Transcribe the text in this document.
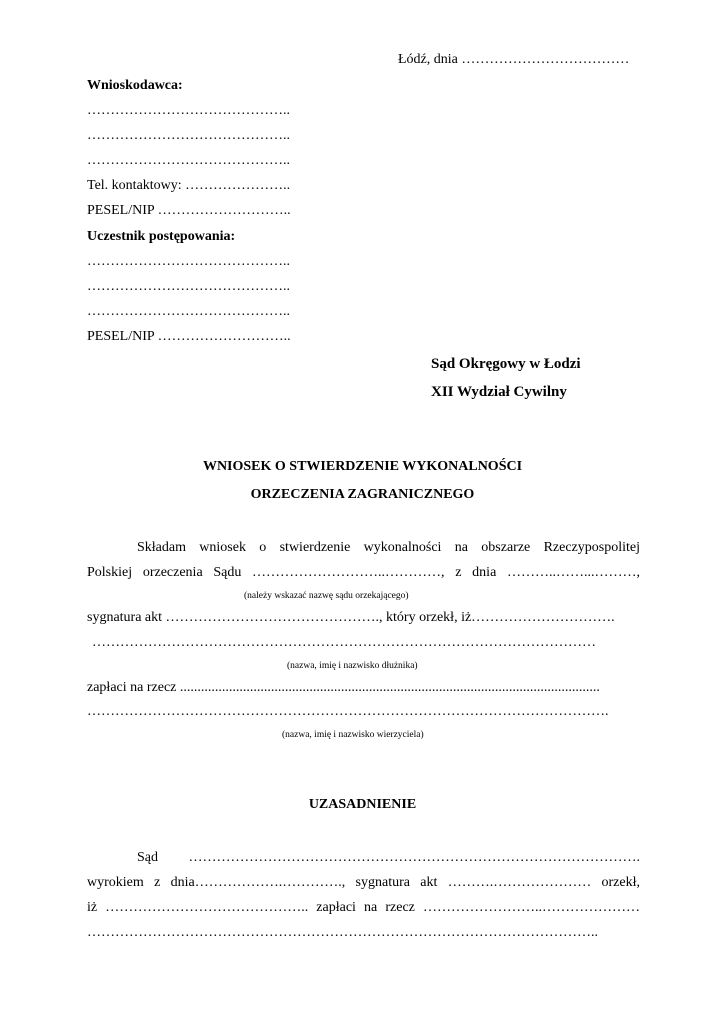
Łódź, dnia ………………………………
Wnioskodawca:
……………………………………..
……………………………………..
……………………………………..
Tel. kontaktowy: …………………..
PESEL/NIP ………………………..
Uczestnik postępowania:
……………………………………..
……………………………………..
……………………………………..
PESEL/NIP ………………………..
Sąd Okręgowy w Łodzi
XII Wydział Cywilny
WNIOSEK O STWIERDZENIE WYKONALNOŚCI
ORZECZENIA ZAGRANICZNEGO
Składam wniosek o stwierdzenie wykonalności na obszarze Rzeczypospolitej
Polskiej orzeczenia Sądu ………………………..…………, z dnia ………..……...………,
(należy wskazać nazwę sądu orzekającego)
sygnatura akt ………………………………………., który orzekł, iż………………………….
………………………………………………………………………………………………
(nazwa, imię i nazwisko dłużnika)
zapłaci na rzecz ........................................................................................................................
………………………………………………………………………………………………….
(nazwa, imię i nazwisko wierzyciela)
UZASADNIENIE
Sąd …………………………………………………………………………………….
wyrokiem z dnia……………….…………., sygnatura akt ……….………………… orzekł,
iż …………………………………….. zapłaci na rzecz ……………………..…………………
………………………………………………………………………………………………..
